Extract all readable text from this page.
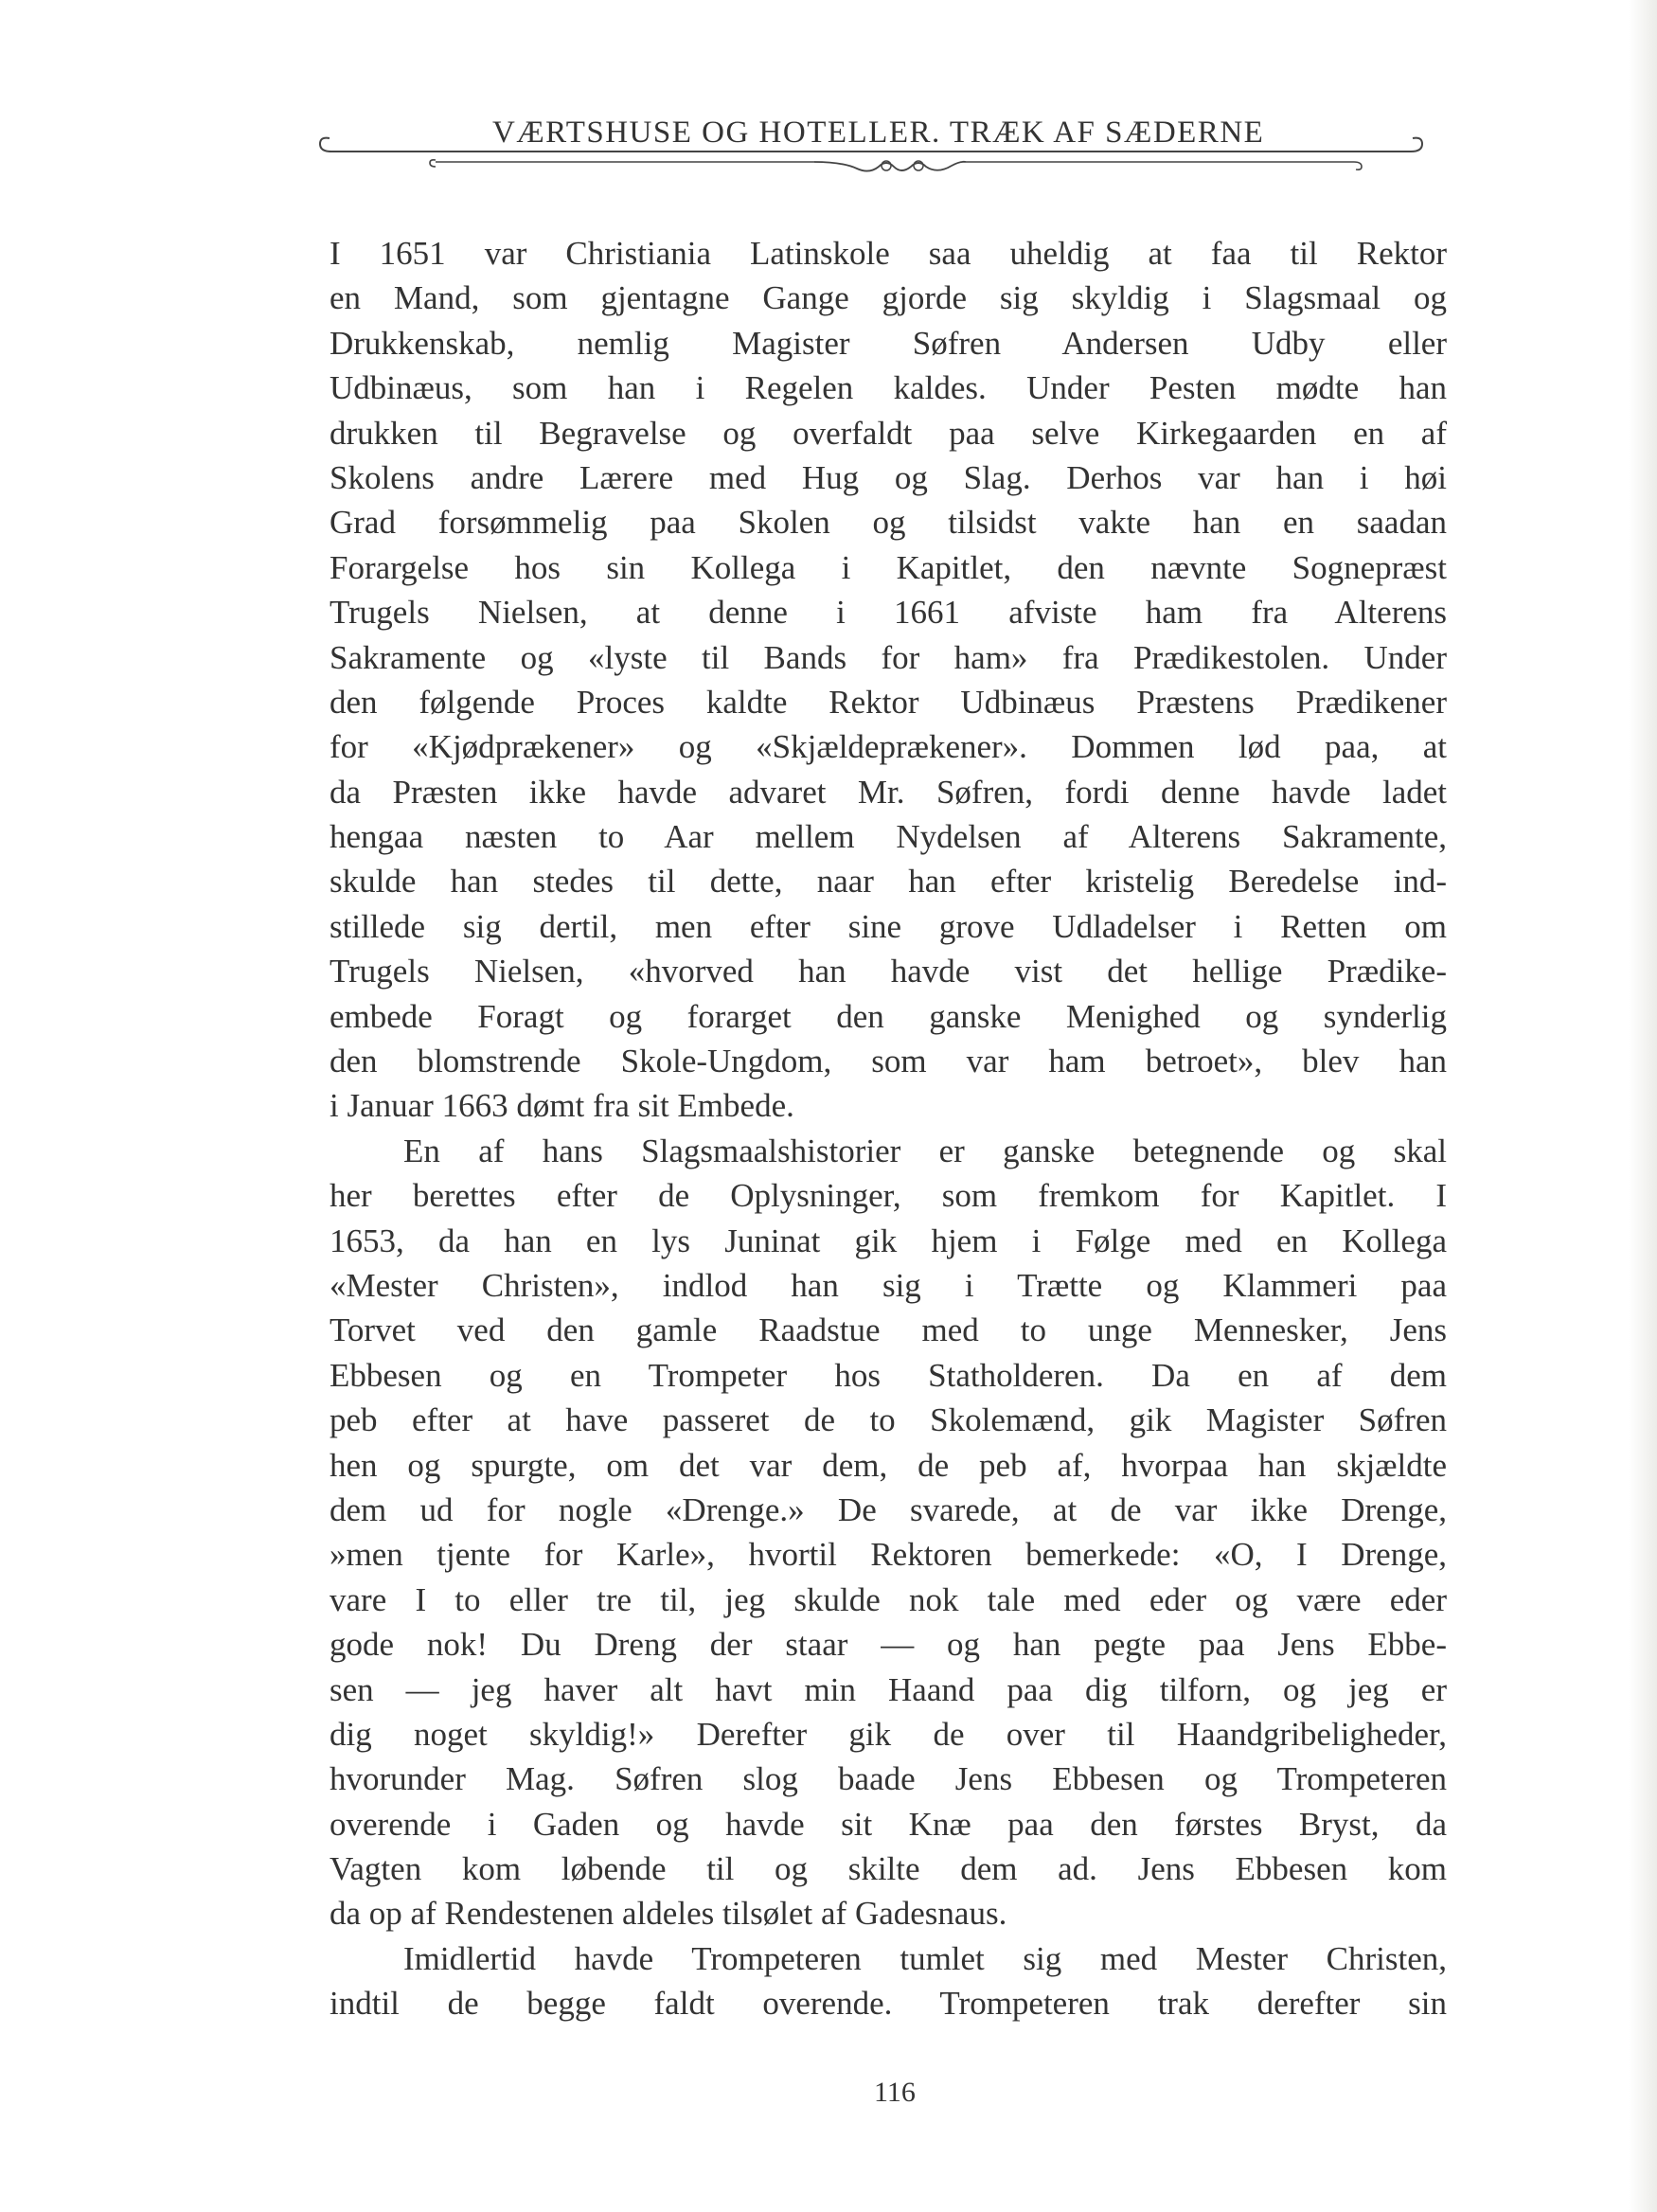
VÆRTSHUSE OG HOTELLER. TRÆK AF SÆDERNE
I 1651 var Christiania Latinskole saa uheldig at faa til Rektor
en Mand, som gjentagne Gange gjorde sig skyldig i Slagsmaal og
Drukkenskab, nemlig Magister Søfren Andersen Udby eller
Udbinæus, som han i Regelen kaldes. Under Pesten mødte han
drukken til Begravelse og overfaldt paa selve Kirkegaarden en af
Skolens andre Lærere med Hug og Slag. Derhos var han i høi
Grad forsømmelig paa Skolen og tilsidst vakte han en saadan
Forargelse hos sin Kollega i Kapitlet, den nævnte Sognepræst
Trugels Nielsen, at denne i 1661 afviste ham fra Alterens
Sakramente og «lyste til Bands for ham» fra Prædikestolen. Under
den følgende Proces kaldte Rektor Udbinæus Præstens Prædikener
for «Kjødprækener» og «Skjældeprækener». Dommen lød paa, at
da Præsten ikke havde advaret Mr. Søfren, fordi denne havde ladet
hengaa næsten to Aar mellem Nydelsen af Alterens Sakramente,
skulde han stedes til dette, naar han efter kristelig Beredelse ind-
stillede sig dertil, men efter sine grove Udladelser i Retten om
Trugels Nielsen, «hvorved han havde vist det hellige Prædike-
embede Foragt og forarget den ganske Menighed og synderlig
den blomstrende Skole-Ungdom, som var ham betroet», blev han
i Januar 1663 dømt fra sit Embede.
En af hans Slagsmaalshistorier er ganske betegnende og skal
her berettes efter de Oplysninger, som fremkom for Kapitlet. I
1653, da han en lys Juninat gik hjem i Følge med en Kollega
«Mester Christen», indlod han sig i Trætte og Klammeri paa
Torvet ved den gamle Raadstue med to unge Mennesker, Jens
Ebbesen og en Trompeter hos Statholderen. Da en af dem
peb efter at have passeret de to Skolemænd, gik Magister Søfren
hen og spurgte, om det var dem, de peb af, hvorpaa han skjældte
dem ud for nogle «Drenge.» De svarede, at de var ikke Drenge,
»men tjente for Karle», hvortil Rektoren bemerkede: «O, I Drenge,
vare I to eller tre til, jeg skulde nok tale med eder og være eder
gode nok! Du Dreng der staar — og han pegte paa Jens Ebbe-
sen — jeg haver alt havt min Haand paa dig tilforn, og jeg er
dig noget skyldig!» Derefter gik de over til Haandgribeligheder,
hvorunder Mag. Søfren slog baade Jens Ebbesen og Trompeteren
overende i Gaden og havde sit Knæ paa den førstes Bryst, da
Vagten kom løbende til og skilte dem ad. Jens Ebbesen kom
da op af Rendestenen aldeles tilsølet af Gadesnaus.
Imidlertid havde Trompeteren tumlet sig med Mester Christen,
indtil de begge faldt overende. Trompeteren trak derefter sin
116
